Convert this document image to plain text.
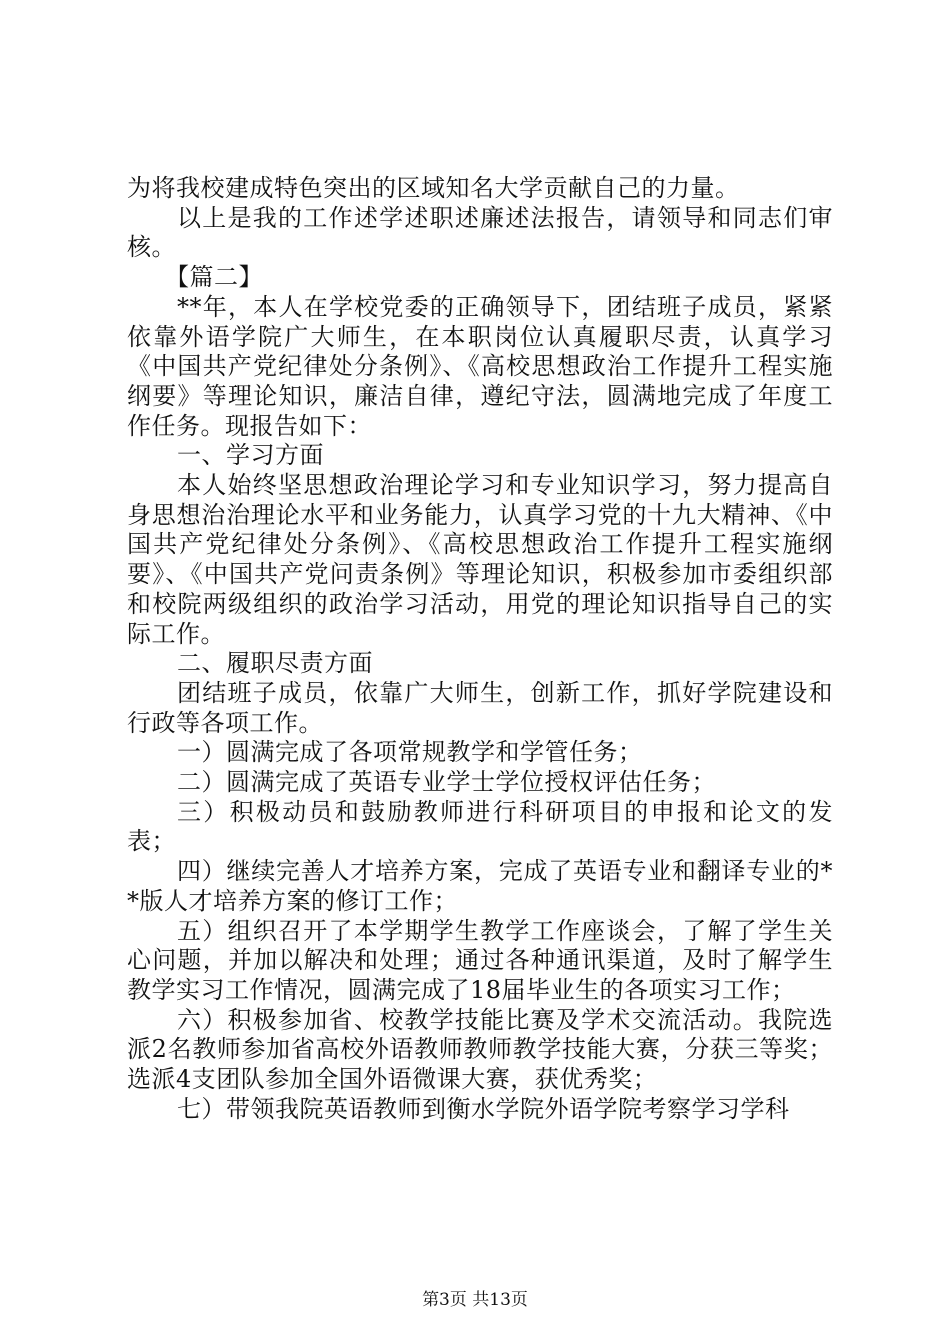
为将我校建成特色突出的区域知名大学贡献自己的力量。

以上是我的工作述学述职述廉述法报告，请领导和同志们审核。

【篇二】

**年，本人在学校党委的正确领导下，团结班子成员，紧紧依靠外语学院广大师生，在本职岗位认真履职尽责，认真学习《中国共产党纪律处分条例》、《高校思想政治工作提升工程实施纲要》等理论知识，廉洁自律，遵纪守法，圆满地完成了年度工作任务。现报告如下：

一、学习方面

本人始终坚思想政治理论学习和专业知识学习，努力提高自身思想治治理论水平和业务能力，认真学习党的十九大精神、《中国共产党纪律处分条例》、《高校思想政治工作提升工程实施纲要》、《中国共产党问责条例》等理论知识，积极参加市委组织部和校院两级组织的政治学习活动，用党的理论知识指导自己的实际工作。

二、履职尽责方面

团结班子成员，依靠广大师生，创新工作，抓好学院建设和行政等各项工作。

一）圆满完成了各项常规教学和学管任务；

二）圆满完成了英语专业学士学位授权评估任务；

三）积极动员和鼓励教师进行科研项目的申报和论文的发表；

四）继续完善人才培养方案，完成了英语专业和翻译专业的**版人才培养方案的修订工作；

五）组织召开了本学期学生教学工作座谈会，了解了学生关心问题，并加以解决和处理；通过各种通讯渠道，及时了解学生教学实习工作情况，圆满完成了18届毕业生的各项实习工作；

六）积极参加省、校教学技能比赛及学术交流活动。我院选派2名教师参加省高校外语教师教师教学技能大赛，分获三等奖；选派4支团队参加全国外语微课大赛，获优秀奖；

七）带领我院英语教师到衡水学院外语学院考察学习学科

第3页 共13页
